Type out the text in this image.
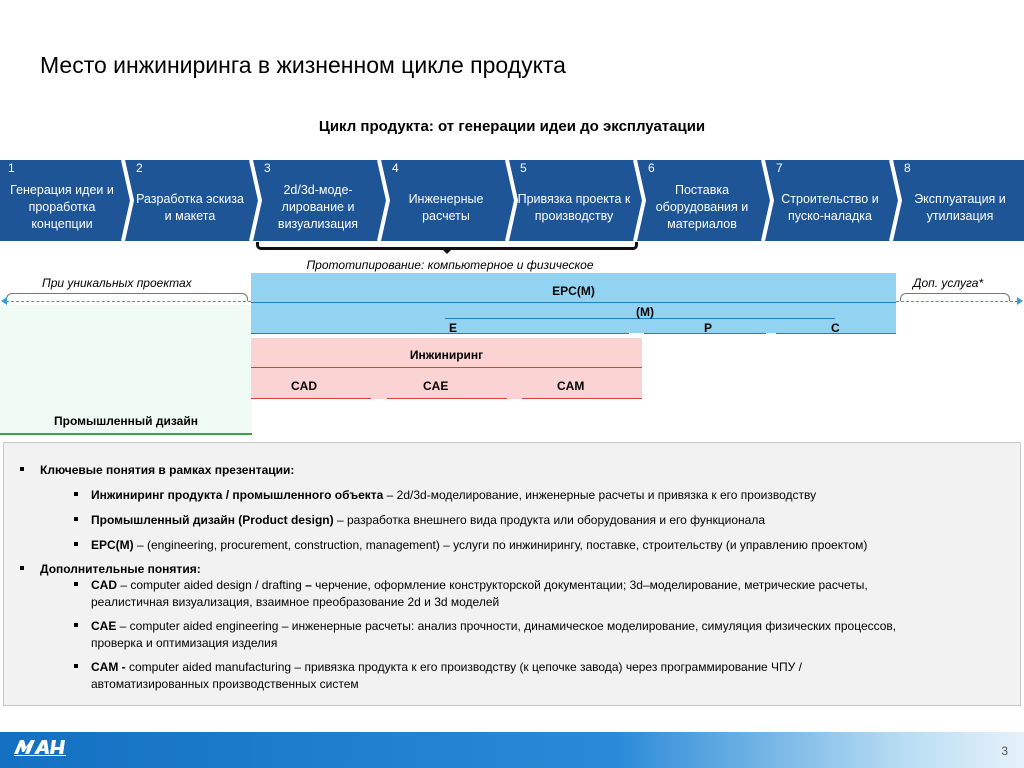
Место инжиниринга в жизненном цикле продукта
Цикл продукта: от генерации идеи до эксплуатации
1
Генерация идеи и проработка концепции
2
Разработка эскиза и макета
3
2d/3d-моде-лирование и визуализация
4
Инженерные расчеты
5
Привязка проекта к производству
6
Поставка оборудования и материалов
7
Строительство и пуско-наладка
8
Эксплуатация и утилизация
Прототипирование: компьютерное и физическое
При уникальных проектах	Доп. услуга*
Промышленный дизайн
EPC(M)
(M)
E	P	C
Инжиниринг
CAD	CAE	CAM
Ключевые понятия в рамках презентации:
Инжиниринг продукта / промышленного объекта – 2d/3d-моделирование, инженерные расчеты и привязка к его производству
Промышленный дизайн (Product design) – разработка внешнего вида продукта или оборудования и его функционала
EPC(M) – (engineering, procurement, construction, management) – услуги по инжинирингу, поставке, строительству (и управлению проектом)
Дополнительные понятия:
CAD – computer aided design / drafting – черчение, оформление конструкторской документации; 3d–моделирование, метрические расчеты,
реалистичная визуализация, взаимное преобразование 2d и 3d моделей
CAE – computer aided engineering – инженерные расчеты: анализ прочности, динамическое моделирование, симуляция физических процессов,
проверка и оптимизация изделия
CAM - computer aided manufacturing – привязка продукта к его производству (к цепочке завода) через программирование ЧПУ /
автоматизированных производственных систем
3
